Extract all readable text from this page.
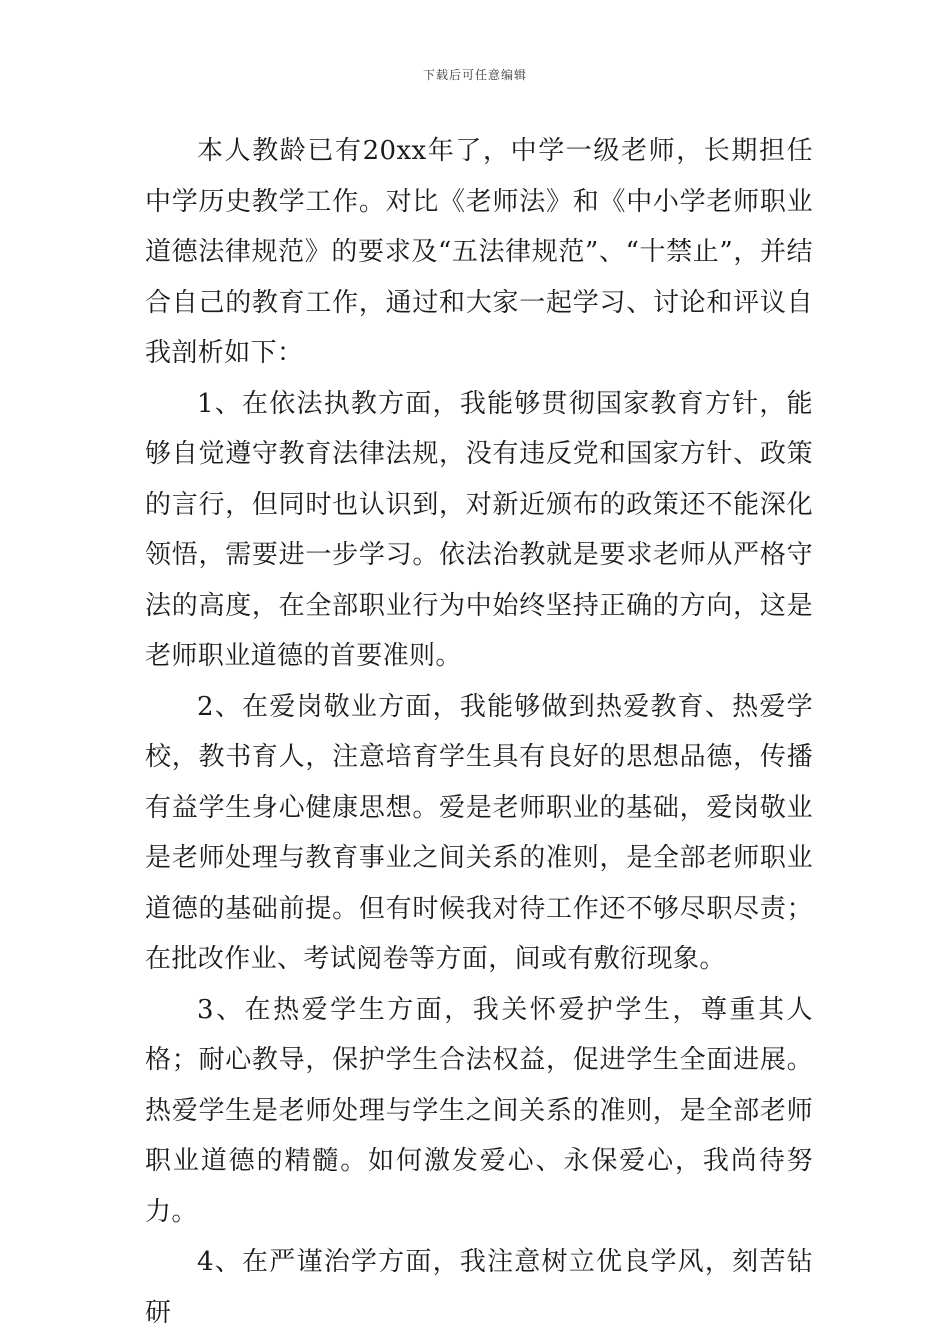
下载后可任意编辑

本人教龄已有20xx年了，中学一级老师，长期担任中学历史教学工作。对比《老师法》和《中小学老师职业道德法律规范》的要求及“五法律规范”、“十禁止”，并结合自己的教育工作，通过和大家一起学习、讨论和评议自我剖析如下：

1、在依法执教方面，我能够贯彻国家教育方针，能够自觉遵守教育法律法规，没有违反党和国家方针、政策的言行，但同时也认识到，对新近颁布的政策还不能深化领悟，需要进一步学习。依法治教就是要求老师从严格守法的高度，在全部职业行为中始终坚持正确的方向，这是老师职业道德的首要准则。

2、在爱岗敬业方面，我能够做到热爱教育、热爱学校，教书育人，注意培育学生具有良好的思想品德，传播有益学生身心健康思想。爱是老师职业的基础，爱岗敬业是老师处理与教育事业之间关系的准则，是全部老师职业道德的基础前提。但有时候我对待工作还不够尽职尽责；在批改作业、考试阅卷等方面，间或有敷衍现象。

3、在热爱学生方面，我关怀爱护学生，尊重其人格；耐心教导，保护学生合法权益，促进学生全面进展。热爱学生是老师处理与学生之间关系的准则，是全部老师职业道德的精髓。如何激发爱心、永保爱心，我尚待努力。

4、在严谨治学方面，我注意树立优良学风，刻苦钻研
